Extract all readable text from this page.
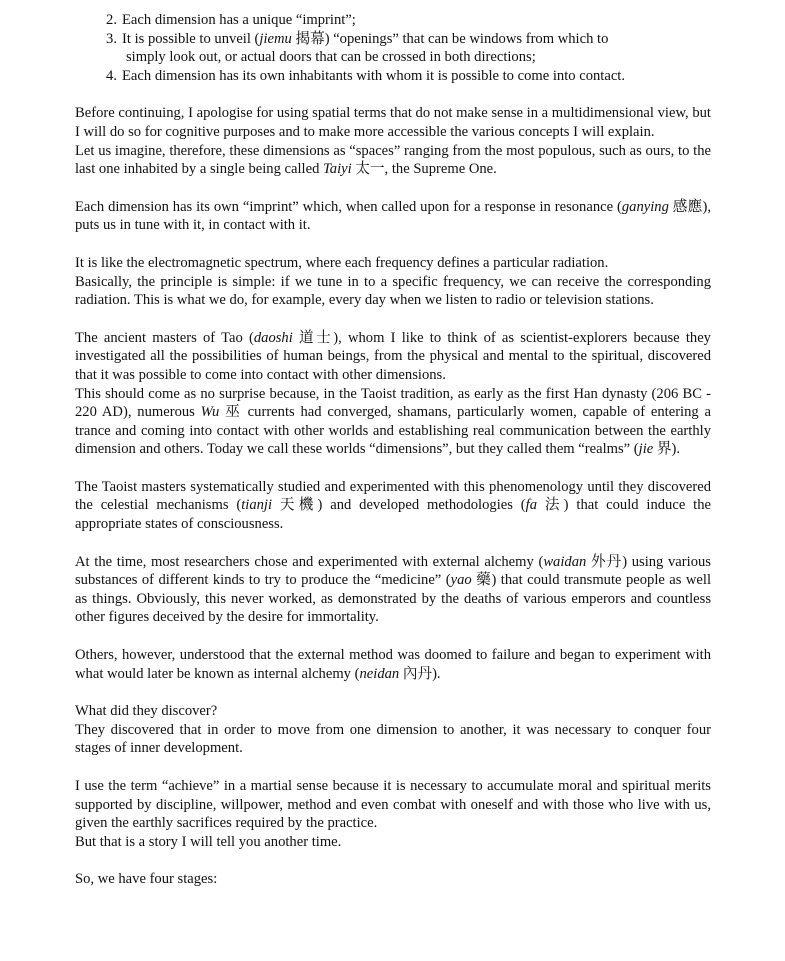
2. Each dimension has a unique “imprint”;
3. It is possible to unveil (jiemu 揭幕) “openings” that can be windows from which to
simply look out, or actual doors that can be crossed in both directions;
4. Each dimension has its own inhabitants with whom it is possible to come into contact.

Before continuing, I apologise for using spatial terms that do not make sense in a multidimensional view, but I will do so for cognitive purposes and to make more accessible the various concepts I will explain.

Let us imagine, therefore, these dimensions as “spaces” ranging from the most populous, such as ours, to the last one inhabited by a single being called Taiyi 太一, the Supreme One.

Each dimension has its own “imprint” which, when called upon for a response in resonance (ganying 感應), puts us in tune with it, in contact with it.

It is like the electromagnetic spectrum, where each frequency defines a particular radiation.

Basically, the principle is simple: if we tune in to a specific frequency, we can receive the corresponding radiation. This is what we do, for example, every day when we listen to radio or television stations.

The ancient masters of Tao (daoshi 道士), whom I like to think of as scientist-explorers because they investigated all the possibilities of human beings, from the physical and mental to the spiritual, discovered that it was possible to come into contact with other dimensions.

This should come as no surprise because, in the Taoist tradition, as early as the first Han dynasty (206 BC - 220 AD), numerous Wu 巫 currents had converged, shamans, particularly women, capable of entering a trance and coming into contact with other worlds and establishing real communication between the earthly dimension and others. Today we call these worlds “dimensions”, but they called them “realms” (jie 界).

The Taoist masters systematically studied and experimented with this phenomenology until they discovered the celestial mechanisms (tianji 天機) and developed methodologies (fa 法) that could induce the appropriate states of consciousness.

At the time, most researchers chose and experimented with external alchemy (waidan 外丹) using various substances of different kinds to try to produce the “medicine” (yao 藥) that could transmute people as well as things. Obviously, this never worked, as demonstrated by the deaths of various emperors and countless other figures deceived by the desire for immortality.

Others, however, understood that the external method was doomed to failure and began to experiment with what would later be known as internal alchemy (neidan 內丹).

What did they discover?

They discovered that in order to move from one dimension to another, it was necessary to conquer four stages of inner development.

I use the term “achieve” in a martial sense because it is necessary to accumulate moral and spiritual merits supported by discipline, willpower, method and even combat with oneself and with those who live with us, given the earthly sacrifices required by the practice.

But that is a story I will tell you another time.

So, we have four stages:
